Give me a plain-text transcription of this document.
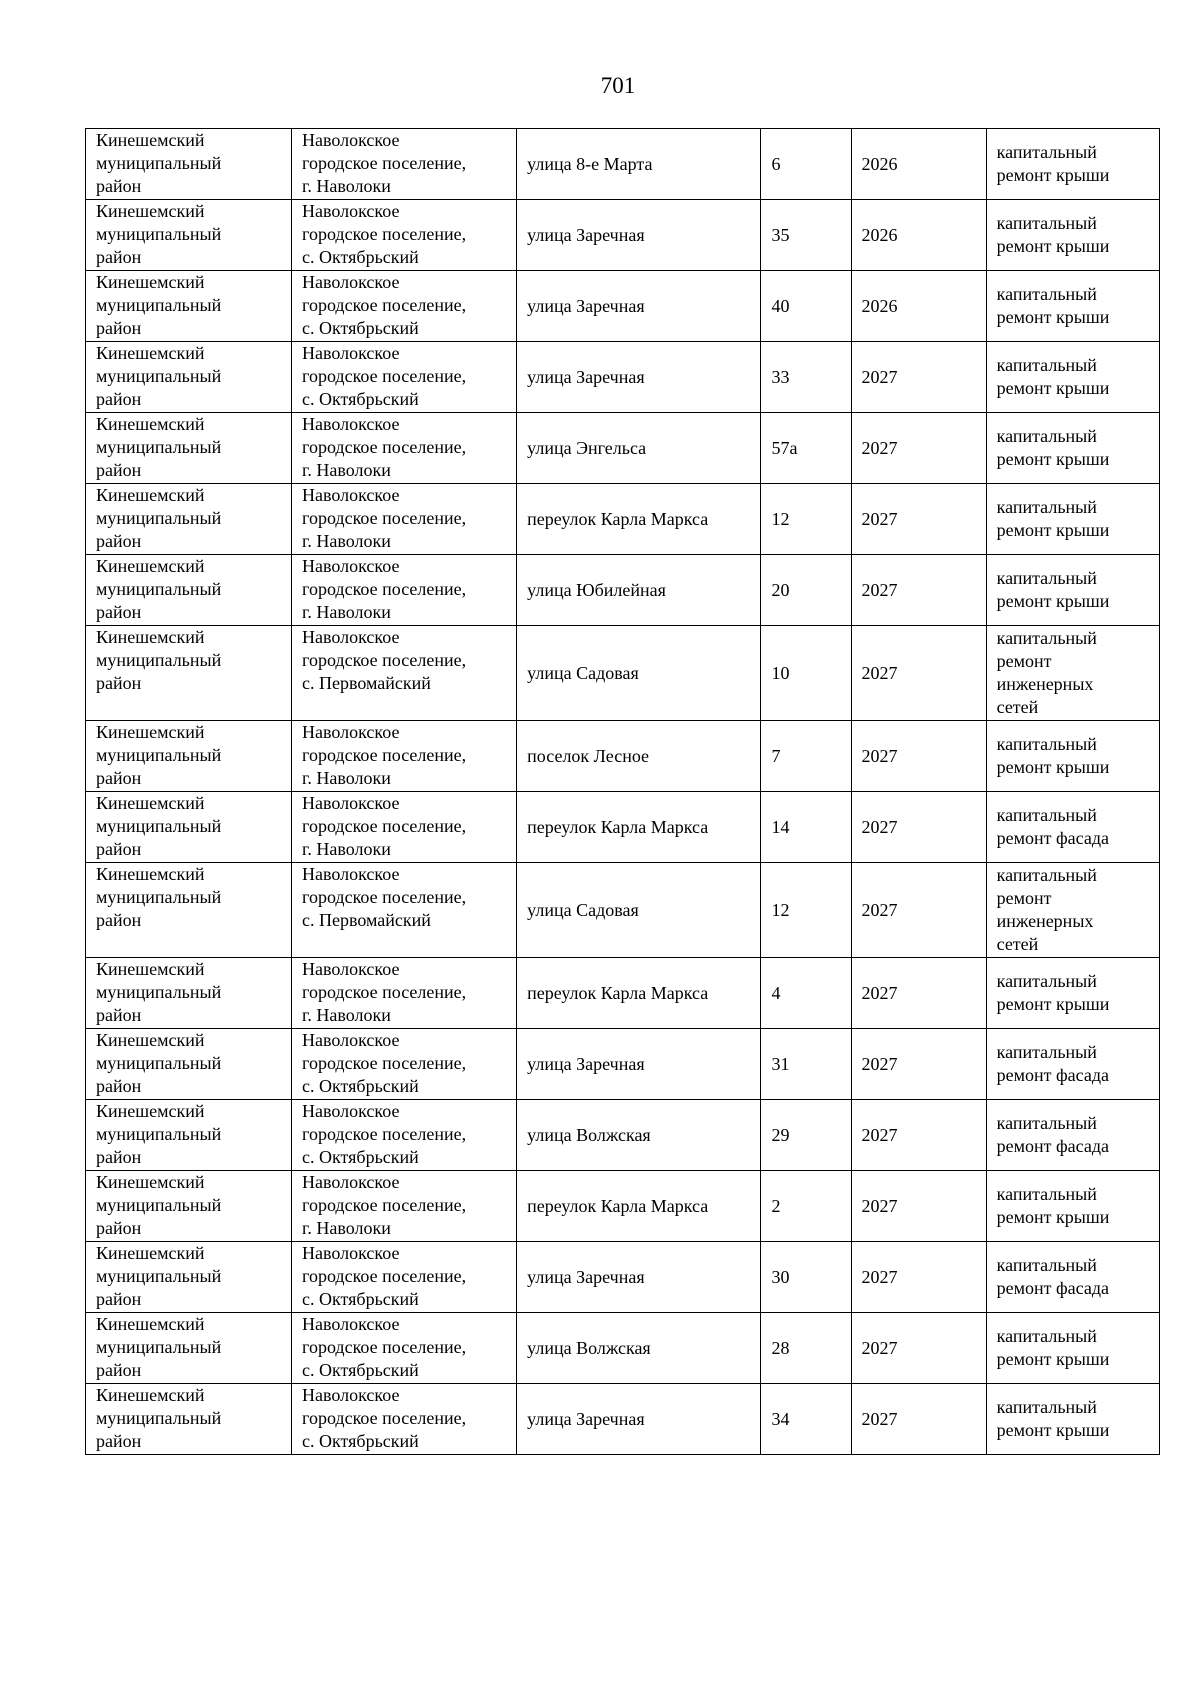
701
Кинешемский
муниципальный
район	Наволокское
городское поселение,
г. Наволоки	улица 8-е Марта	6	2026	капитальный
ремонт крыши

Кинешемский
муниципальный
район	Наволокское
городское поселение,
с. Октябрьский	улица Заречная	35	2026	капитальный
ремонт крыши

Кинешемский
муниципальный
район	Наволокское
городское поселение,
с. Октябрьский	улица Заречная	40	2026	капитальный
ремонт крыши

Кинешемский
муниципальный
район	Наволокское
городское поселение,
с. Октябрьский	улица Заречная	33	2027	капитальный
ремонт крыши

Кинешемский
муниципальный
район	Наволокское
городское поселение,
г. Наволоки	улица Энгельса	57а	2027	капитальный
ремонт крыши

Кинешемский
муниципальный
район	Наволокское
городское поселение,
г. Наволоки	переулок Карла Маркса	12	2027	капитальный
ремонт крыши

Кинешемский
муниципальный
район	Наволокское
городское поселение,
г. Наволоки	улица Юбилейная	20	2027	капитальный
ремонт крыши

Кинешемский
муниципальный
район	Наволокское
городское поселение,
с. Первомайский	улица Садовая	10	2027	капитальный
ремонт
инженерных
сетей

Кинешемский
муниципальный
район	Наволокское
городское поселение,
г. Наволоки	поселок Лесное	7	2027	капитальный
ремонт крыши

Кинешемский
муниципальный
район	Наволокское
городское поселение,
г. Наволоки	переулок Карла Маркса	14	2027	капитальный
ремонт фасада

Кинешемский
муниципальный
район	Наволокское
городское поселение,
с. Первомайский	улица Садовая	12	2027	капитальный
ремонт
инженерных
сетей

Кинешемский
муниципальный
район	Наволокское
городское поселение,
г. Наволоки	переулок Карла Маркса	4	2027	капитальный
ремонт крыши

Кинешемский
муниципальный
район	Наволокское
городское поселение,
с. Октябрьский	улица Заречная	31	2027	капитальный
ремонт фасада

Кинешемский
муниципальный
район	Наволокское
городское поселение,
с. Октябрьский	улица Волжская	29	2027	капитальный
ремонт фасада

Кинешемский
муниципальный
район	Наволокское
городское поселение,
г. Наволоки	переулок Карла Маркса	2	2027	капитальный
ремонт крыши

Кинешемский
муниципальный
район	Наволокское
городское поселение,
с. Октябрьский	улица Заречная	30	2027	капитальный
ремонт фасада

Кинешемский
муниципальный
район	Наволокское
городское поселение,
с. Октябрьский	улица Волжская	28	2027	капитальный
ремонт крыши

Кинешемский
муниципальный
район	Наволокское
городское поселение,
с. Октябрьский	улица Заречная	34	2027	капитальный
ремонт крыши
